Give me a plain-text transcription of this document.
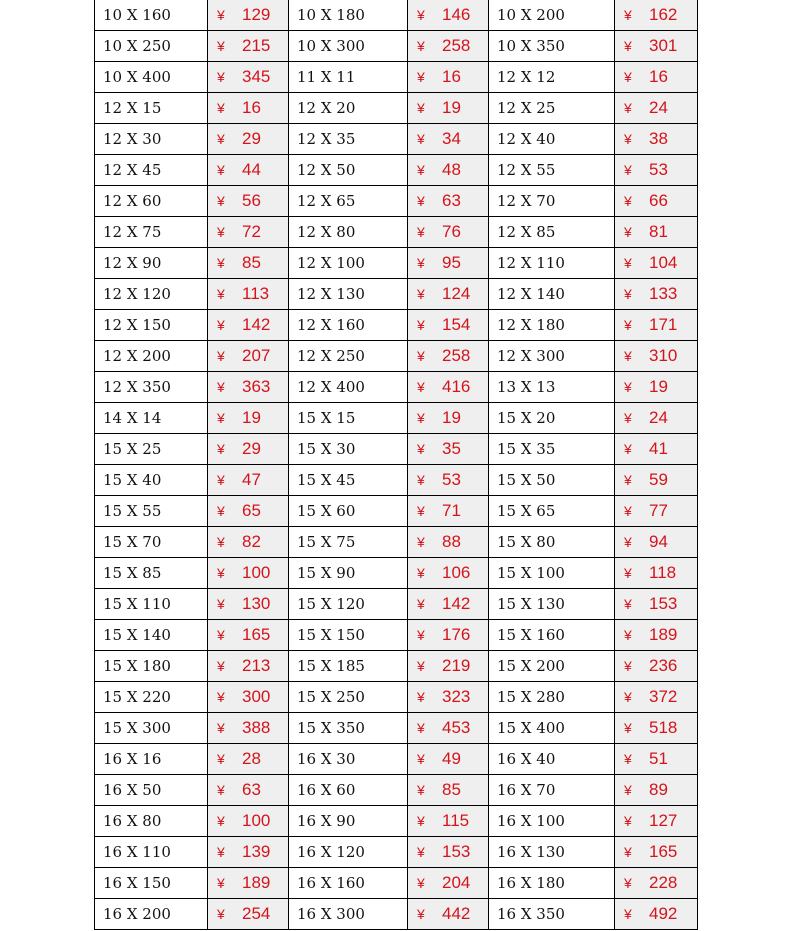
10 X 160	¥ 129	10 X 180	¥ 146	10 X 200	¥ 162
10 X 250	¥ 215	10 X 300	¥ 258	10 X 350	¥ 301
10 X 400	¥ 345	11 X 11	¥ 16	12 X 12	¥ 16
12 X 15	¥ 16	12 X 20	¥ 19	12 X 25	¥ 24
12 X 30	¥ 29	12 X 35	¥ 34	12 X 40	¥ 38
12 X 45	¥ 44	12 X 50	¥ 48	12 X 55	¥ 53
12 X 60	¥ 56	12 X 65	¥ 63	12 X 70	¥ 66
12 X 75	¥ 72	12 X 80	¥ 76	12 X 85	¥ 81
12 X 90	¥ 85	12 X 100	¥ 95	12 X 110	¥ 104
12 X 120	¥ 113	12 X 130	¥ 124	12 X 140	¥ 133
12 X 150	¥ 142	12 X 160	¥ 154	12 X 180	¥ 171
12 X 200	¥ 207	12 X 250	¥ 258	12 X 300	¥ 310
12 X 350	¥ 363	12 X 400	¥ 416	13 X 13	¥ 19
14 X 14	¥ 19	15 X 15	¥ 19	15 X 20	¥ 24
15 X 25	¥ 29	15 X 30	¥ 35	15 X 35	¥ 41
15 X 40	¥ 47	15 X 45	¥ 53	15 X 50	¥ 59
15 X 55	¥ 65	15 X 60	¥ 71	15 X 65	¥ 77
15 X 70	¥ 82	15 X 75	¥ 88	15 X 80	¥ 94
15 X 85	¥ 100	15 X 90	¥ 106	15 X 100	¥ 118
15 X 110	¥ 130	15 X 120	¥ 142	15 X 130	¥ 153
15 X 140	¥ 165	15 X 150	¥ 176	15 X 160	¥ 189
15 X 180	¥ 213	15 X 185	¥ 219	15 X 200	¥ 236
15 X 220	¥ 300	15 X 250	¥ 323	15 X 280	¥ 372
15 X 300	¥ 388	15 X 350	¥ 453	15 X 400	¥ 518
16 X 16	¥ 28	16 X 30	¥ 49	16 X 40	¥ 51
16 X 50	¥ 63	16 X 60	¥ 85	16 X 70	¥ 89
16 X 80	¥ 100	16 X 90	¥ 115	16 X 100	¥ 127
16 X 110	¥ 139	16 X 120	¥ 153	16 X 130	¥ 165
16 X 150	¥ 189	16 X 160	¥ 204	16 X 180	¥ 228
16 X 200	¥ 254	16 X 300	¥ 442	16 X 350	¥ 492
